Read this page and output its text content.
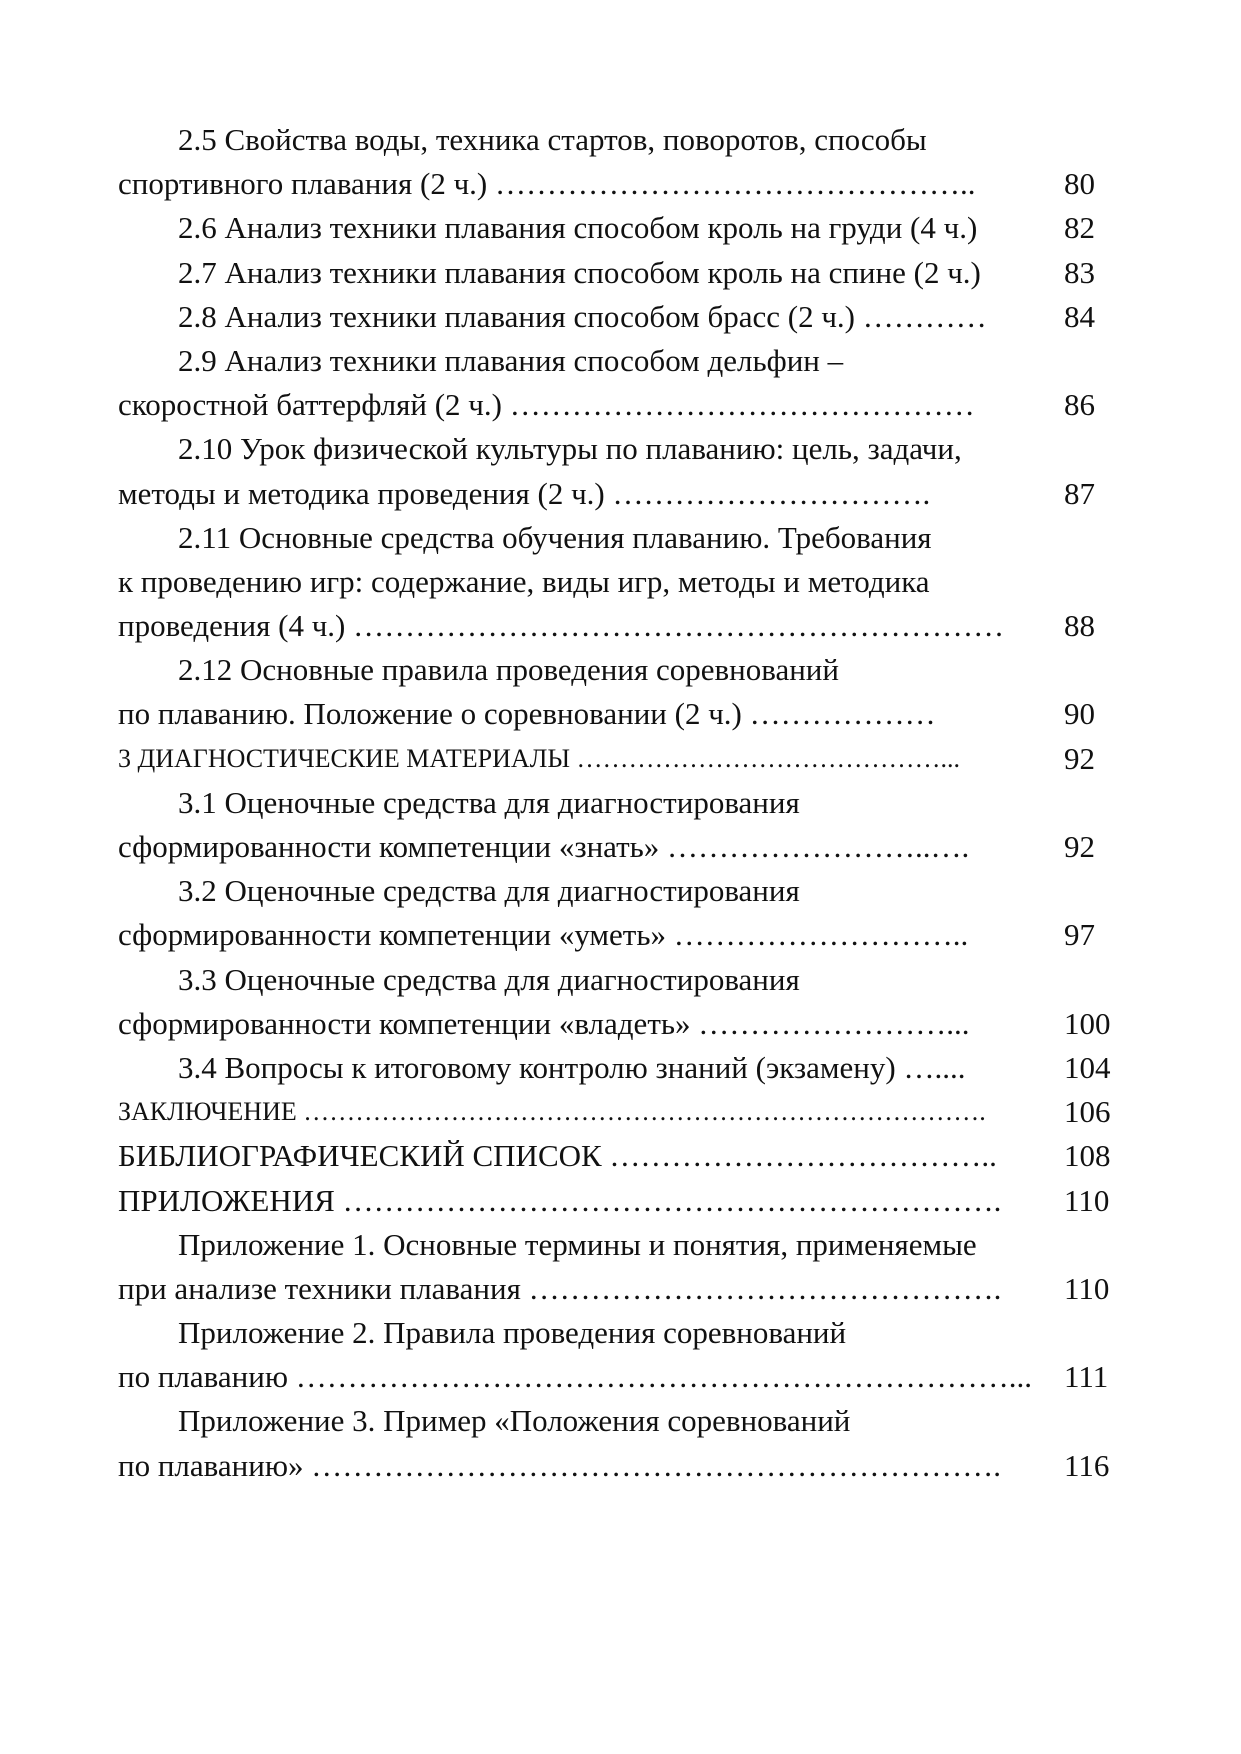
2.5 Свойства воды, техника стартов, поворотов, способы
спортивного плавания (2 ч.) ………………………………………..	80
2.6 Анализ техники плавания способом кроль на груди (4 ч.)	82
2.7 Анализ техники плавания способом кроль на спине (2 ч.)	83
2.8 Анализ техники плавания способом брасс (2 ч.) ………… 84
2.9 Анализ техники плавания способом дельфин –
скоростной баттерфляй (2 ч.) ………………………………………	86
2.10 Урок физической культуры по плаванию: цель, задачи,
методы и методика проведения (2 ч.) ………………………….	87
2.11 Основные средства обучения плаванию. Требования
к проведению игр: содержание, виды игр, методы и методика
проведения (4 ч.) ……………………………………………………… 88
2.12 Основные правила проведения соревнований
по плаванию. Положение о соревновании (2 ч.) ………………	90
3 ДИАГНОСТИЧЕСКИЕ МАТЕРИАЛЫ ……………………………………...	92
3.1 Оценочные средства для диагностирования
сформированности компетенции «знать» ……………………..….	92
3.2 Оценочные средства для диагностирования
сформированности компетенции «уметь» ………………………..	97
3.3 Оценочные средства для диагностирования
сформированности компетенции «владеть» ……………………...	100
3.4 Вопросы к итоговому контролю знаний (экзамену) …....	104
ЗАКЛЮЧЕНИЕ …………………………………………………………………….	106
БИБЛИОГРАФИЧЕСКИЙ СПИСОК ……………………………….. 108
ПРИЛОЖЕНИЯ ………………………………………………………. 110
Приложение 1. Основные термины и понятия, применяемые
при анализе техники плавания ………………………………………. 110
Приложение 2. Правила проведения соревнований
по плаванию ……………………………………………………………... 111
Приложение 3. Пример «Положения соревнований
по плаванию» …………………………………………………………. 116
